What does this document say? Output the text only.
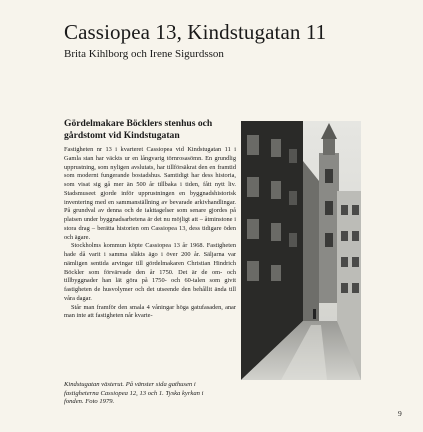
Cassiopea 13, Kindstugatan 11

Brita Kihlborg och Irene Sigurdsson

Gördelmakare Böcklers stenhus och gårdstomt vid Kindstugatan

Fastigheten nr 13 i kvarteret Cassiopea vid Kindstugatan 11 i Gamla stan har väckts ur en långvarig törnrosasömn. En grundlig upprustning, som nyligen avslutats, har tillförsäkrat den en framtid som modernt fungerande bostadshus. Samtidigt har dess historia, som visat sig gå mer än 500 år tillbaka i tiden, fått nytt liv. Stadsmuseet gjorde inför upprustningen en byggnadshistorisk inventering med en sammanställning av bevarade arkivhandlingar. På grundval av denna och de iakttagelser som senare gjordes på platsen under byggnadsarbetena är det nu möjligt att – åtminstone i stora drag – berätta historien om Cassiopea 13, dess tidigare öden och ägare.

Stockholms kommun köpte Cassiopea 13 år 1968. Fastigheten hade då varit i samma släkts ägo i över 200 år. Säljarna var nämligen sentida arvingar till gördelmakaren Christian Hindrich Böckler som förvärvade den år 1750. Det är de om- och tillbyggnader han lät göra på 1750- och 60-talen som givit fastigheten de husvolymer och det utseende den behållit ända till våra dagar.

Står man framför den smala 4 våningar höga gatufasaden, anar man inte att fastigheten når kvarte-

Kindstugatan västerut. På vänster sida gathusen i
fastigheterna Cassiopea 12, 13 och 1. Tyska kyrkan i
fonden. Foto 1979.
9
